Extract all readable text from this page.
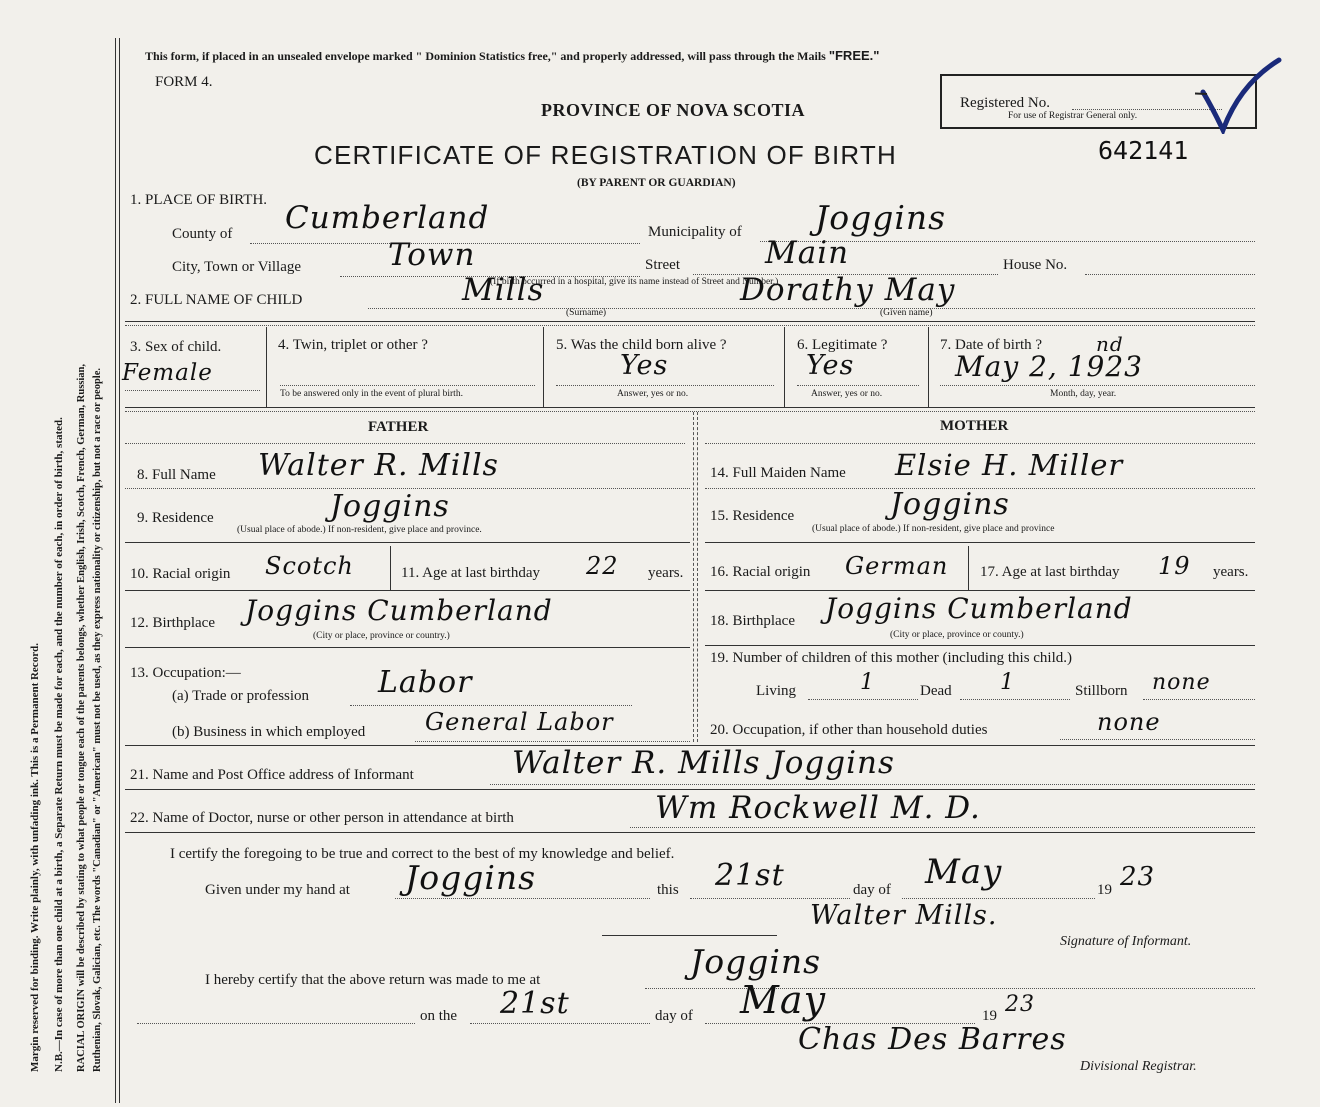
Margin reserved for binding. Write plainly, with unfading ink. This is a Permanent Record. N.B.—In case of more than one child at a birth, a Separate Return must be made for each, and the number of each, in order of birth, stated. RACIAL ORIGIN will be described by stating to what people or tongue each of the parents belongs, whether English, Irish, Scotch, French, German, Russian, Ruthenian, Slovak, Galician, etc. The words "Canadian" or "American" must not be used, as they express nationality or citizenship, but not a race or people.
This form, if placed in an unsealed envelope marked " Dominion Statistics free," and properly addressed, will pass through the Mails "FREE."
FORM 4.
PROVINCE OF NOVA SCOTIA
CERTIFICATE OF REGISTRATION OF BIRTH
(BY PARENT OR GUARDIAN)
642141
Registered No.
For use of Registrar General only.
1. PLACE OF BIRTH.
County of Cumberland	Municipality of Joggins
City, Town or Village	Town	Street	Main	House No.
(If birth occurred in a hospital, give its name instead of Street and Number.)
2. FULL NAME OF CHILD	Mills	Dorathy May
(Surname)	(Given name)
3. Sex of child.
Female
4. Twin, triplet or other ?
To be answered only in the event of plural birth.
5. Was the child born alive ?
Yes
Answer, yes or no.
6. Legitimate ?
Yes
Answer, yes or no.
7. Date of birth ?
May 2, 1923
nd
Month, day, year.
FATHER	MOTHER
8. Full Name Walter R. Mills
9. Residence	Joggins
(Usual place of abode.) If non-resident, give place and province.
10. Racial origin Scotch	11. Age at last birthday 22 years.
12. Birthplace Joggins Cumberland
(City or place, province or country.)
13. Occupation:—
(a) Trade or profession Labor
(b) Business in which employed General Labor
14. Full Maiden Name Elsie H. Miller
15. Residence	Joggins
(Usual place of abode.) If non-resident, give place and province
16. Racial origin German 17. Age at last birthday 19 years.
18. Birthplace Joggins Cumberland
(City or place, province or county.)
19. Number of children of this mother (including this child.)
Living	1	Dead 1	Stillborn none
20. Occupation, if other than household duties	none
21. Name and Post Office address of Informant	Walter R. Mills Joggins
22. Name of Doctor, nurse or other person in attendance at birth	Wm Rockwell M. D.
I certify the foregoing to be true and correct to the best of my knowledge and belief.
Given under my hand at Joggins	this 21st	day of May	19 23
Walter Mills.
Signature of Informant.
I hereby certify that the above return was made to me at	Joggins
on the 21st	day of May	19 23
Chas Des Barres
Divisional Registrar.
